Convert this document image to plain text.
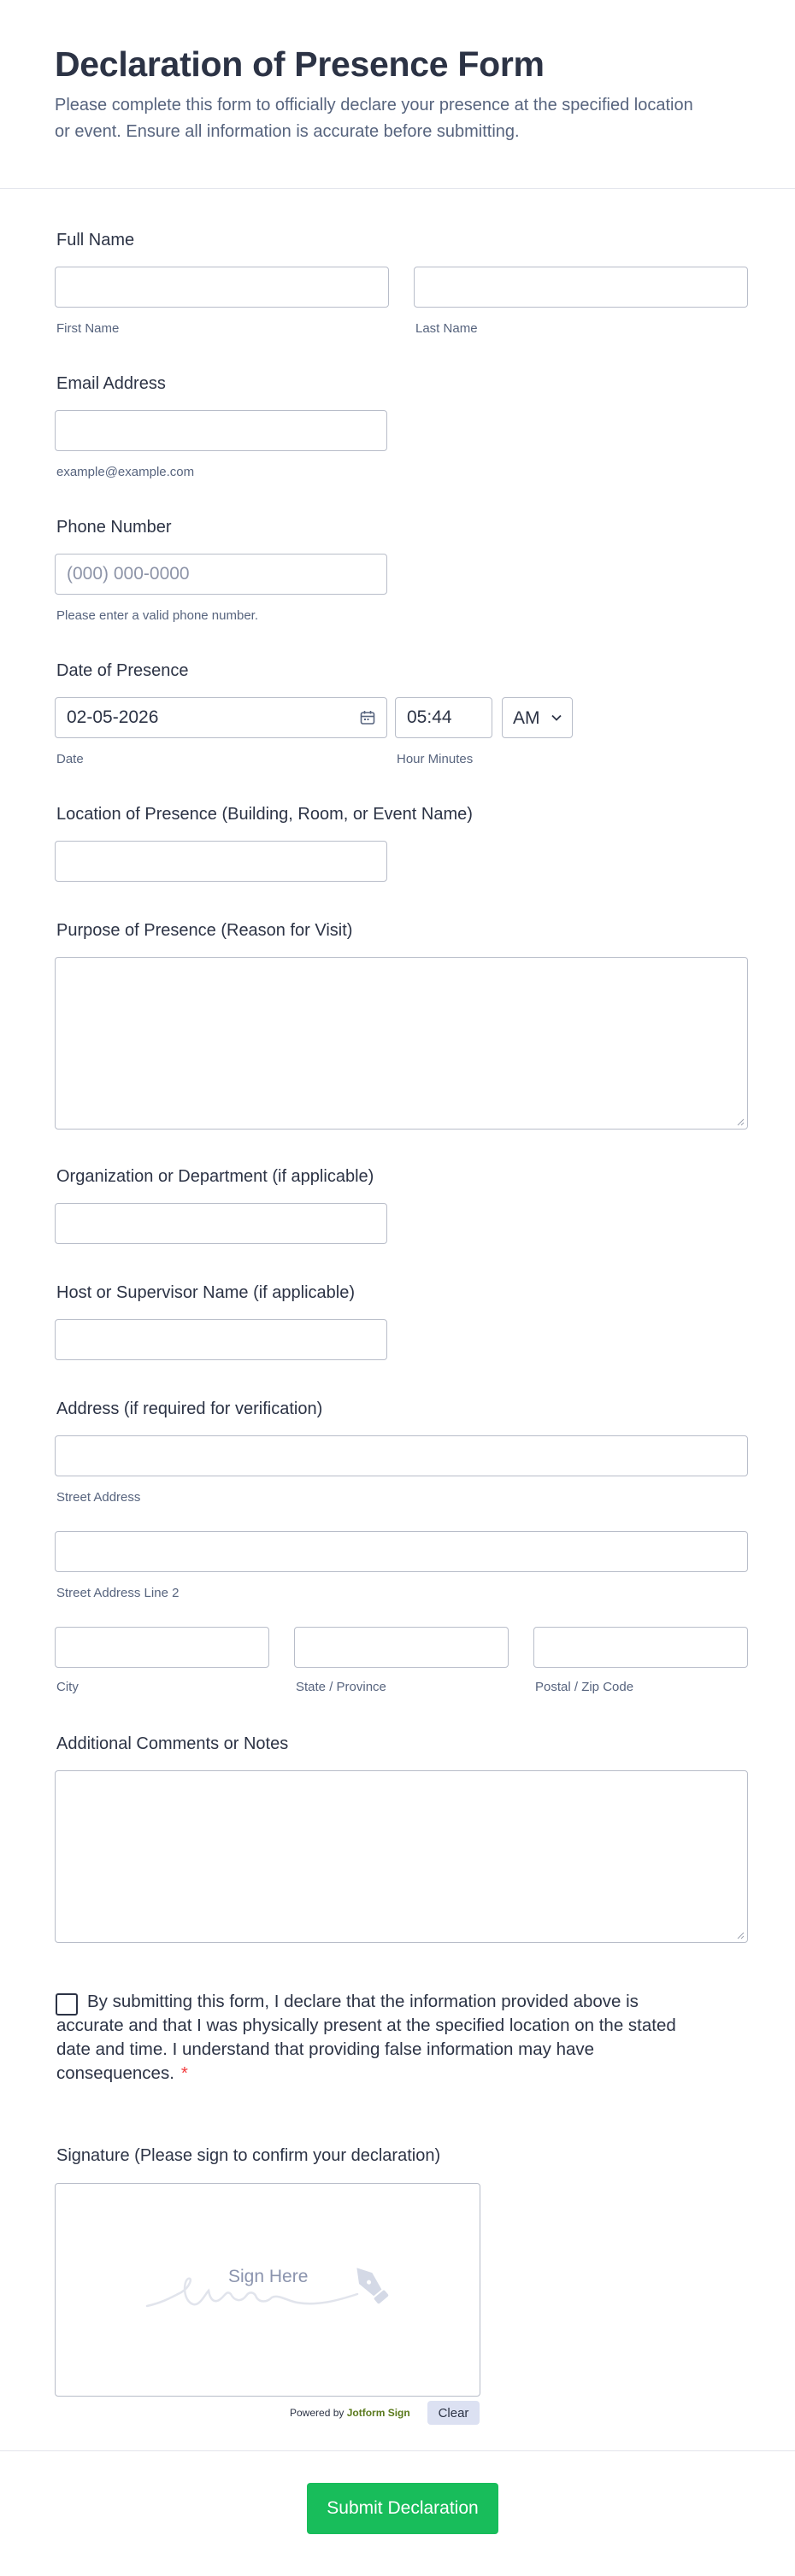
Declaration of Presence Form

Please complete this form to officially declare your presence at the specified location or event. Ensure all information is accurate before submitting.

Full Name
First Name	Last Name
Email Address
example@example.com
Phone Number
(000) 000-0000
Please enter a valid phone number.
Date of Presence
02-05-2026
05:44
AM
Date	Hour Minutes
Location of Presence (Building, Room, or Event Name)
Purpose of Presence (Reason for Visit)
Organization or Department (if applicable)
Host or Supervisor Name (if applicable)
Address (if required for verification)
Street Address
Street Address Line 2
City	State / Province	Postal / Zip Code
Additional Comments or Notes

By submitting this form, I declare that the information provided above is accurate and that I was physically present at the specified location on the stated date and time. I understand that providing false information may have consequences. *

Signature (Please sign to confirm your declaration)
Sign Here
Powered by Jotform Sign	Clear
Submit Declaration
